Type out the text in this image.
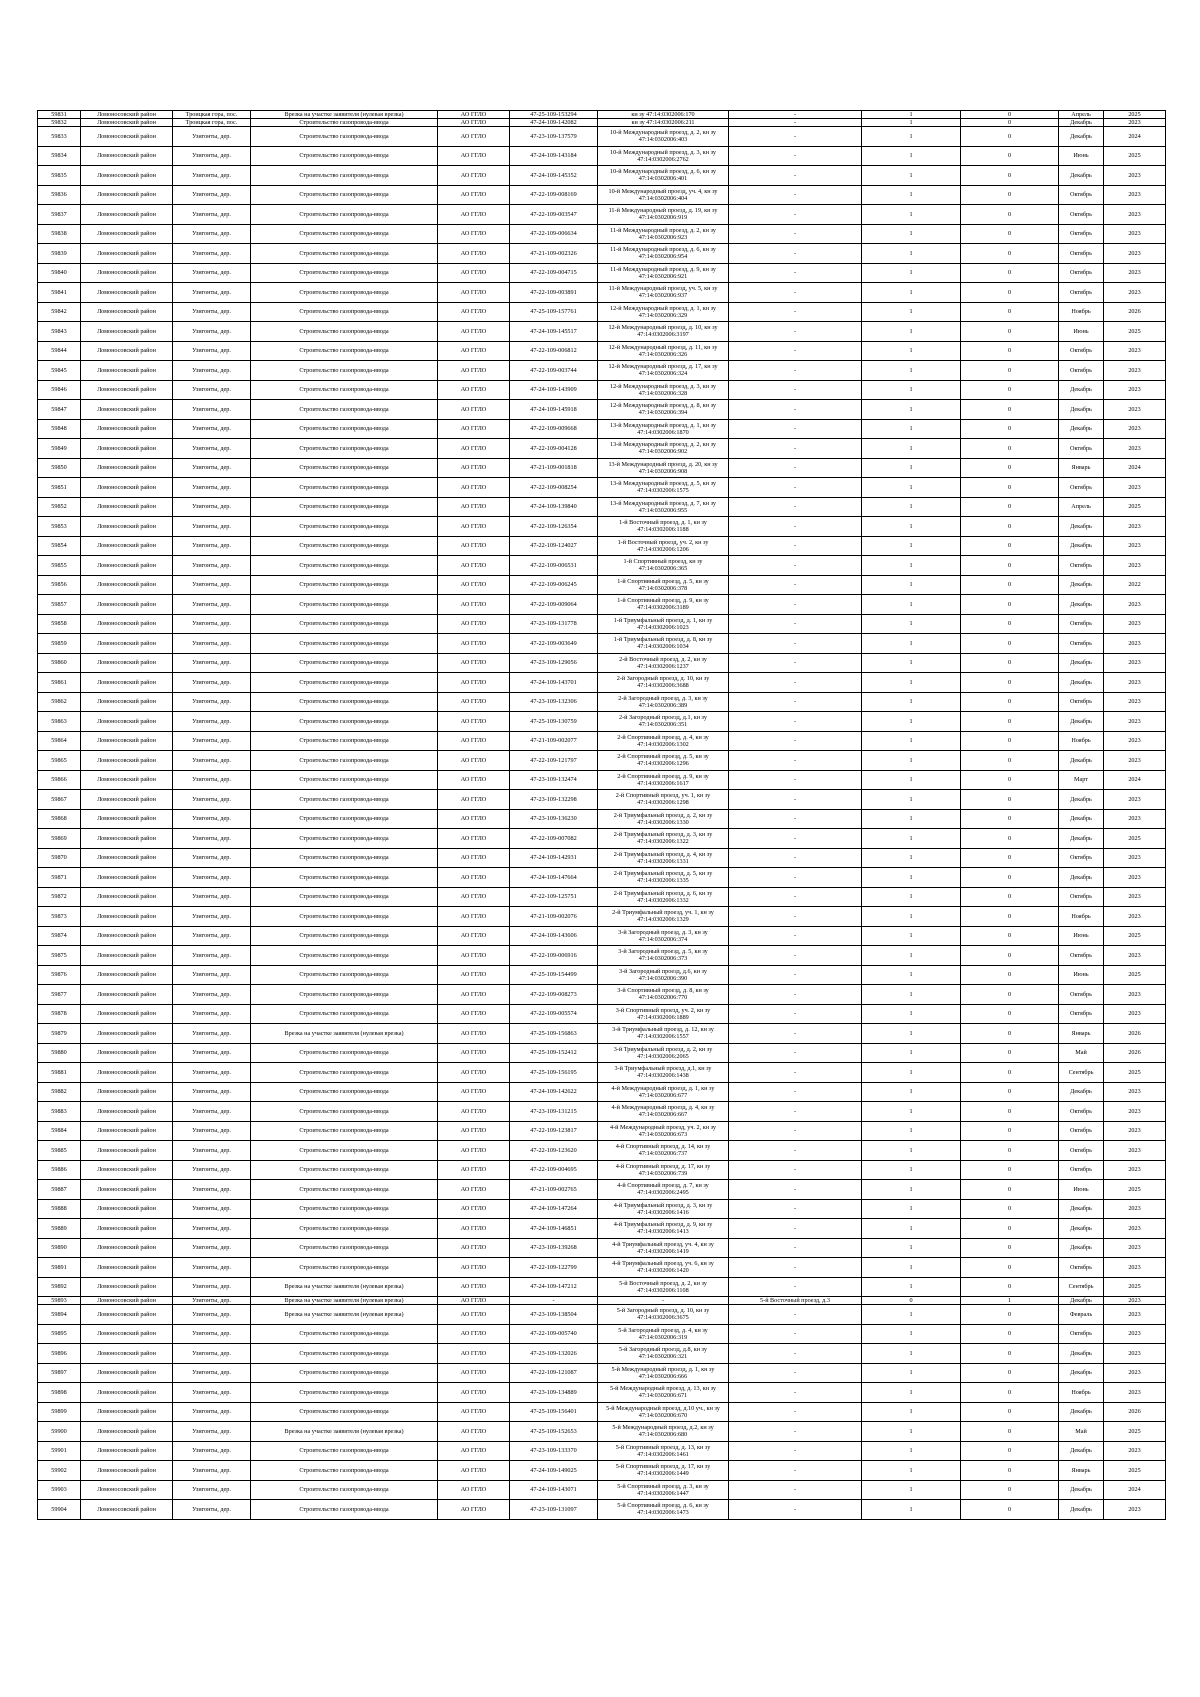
59831	Ломоносовский район	Троицкая гора, пос.	Врезка на участке заявителя (нулевая врезка)	АО ГГЛО	47-25-109-153294	кн зу 47:14:0302006:170	-	1	0	Апрель	2025
59832	Ломоносовский район	Троицкая гора, пос.	Строительство газопровода-ввода	АО ГГЛО	47-24-109-142082	кн зу 47:14:0302006:211	-	1	0	Декабрь	2023
59833	Ломоносовский район	Узигонты, дер.	Строительство газопровода-ввода	АО ГГЛО	47-23-109-137579	10-й Международный проезд, д. 2, кн зу 47:14:0302006:403	-	1	0	Декабрь	2024
59834	Ломоносовский район	Узигонты, дер.	Строительство газопровода-ввода	АО ГГЛО	47-24-109-143184	10-й Международный проезд, д. 3, кн зу 47:14:0302006:2762	-	1	0	Июнь	2025
59835	Ломоносовский район	Узигонты, дер.	Строительство газопровода-ввода	АО ГГЛО	47-24-109-145352	10-й Международный проезд, д. 6, кн зу 47:14:0302006:401	-	1	0	Декабрь	2023
59836	Ломоносовский район	Узигонты, дер.	Строительство газопровода-ввода	АО ГГЛО	47-22-109-008169	10-й Международный проезд, уч. 4, кн зу 47:14:0302006:404	-	1	0	Октябрь	2023
59837	Ломоносовский район	Узигонты, дер.	Строительство газопровода-ввода	АО ГГЛО	47-22-109-003547	11-й Международный проезд, д. 19, кн зу 47:14:0302006:919	-	1	0	Октябрь	2023
59838	Ломоносовский район	Узигонты, дер.	Строительство газопровода-ввода	АО ГГЛО	47-22-109-006634	11-й Международный проезд, д. 2, кн зу 47:14:0302006:923	-	1	0	Октябрь	2023
59839	Ломоносовский район	Узигонты, дер.	Строительство газопровода-ввода	АО ГГЛО	47-21-109-002326	11-й Международный проезд, д. 6, кн зу 47:14:0302006:954	-	1	0	Октябрь	2023
59840	Ломоносовский район	Узигонты, дер.	Строительство газопровода-ввода	АО ГГЛО	47-22-109-004715	11-й Международный проезд, д. 9, кн зу 47:14:0302006:921	-	1	0	Октябрь	2023
59841	Ломоносовский район	Узигонты, дер.	Строительство газопровода-ввода	АО ГГЛО	47-22-109-003891	11-й Международный проезд, уч. 5, кн зу 47:14:0302006:937	-	1	0	Октябрь	2023
59842	Ломоносовский район	Узигонты, дер.	Строительство газопровода-ввода	АО ГГЛО	47-25-109-157761	12-й Международный проезд, д. 1, кн зу 47:14:0302006:329	-	1	0	Ноябрь	2026
59843	Ломоносовский район	Узигонты, дер.	Строительство газопровода-ввода	АО ГГЛО	47-24-109-145517	12-й Международный проезд, д. 10, кн зу 47:14:0302006:3197	-	1	0	Июнь	2025
59844	Ломоносовский район	Узигонты, дер.	Строительство газопровода-ввода	АО ГГЛО	47-22-109-006812	12-й Международный проезд, д. 11, кн зу 47:14:0302006:326	-	1	0	Октябрь	2023
59845	Ломоносовский район	Узигонты, дер.	Строительство газопровода-ввода	АО ГГЛО	47-22-109-003744	12-й Международный проезд, д. 17, кн зу 47:14:0302006:324	-	1	0	Октябрь	2023
59846	Ломоносовский район	Узигонты, дер.	Строительство газопровода-ввода	АО ГГЛО	47-24-109-143909	12-й Международный проезд, д. 3, кн зу 47:14:0302006:328	-	1	0	Декабрь	2023
59847	Ломоносовский район	Узигонты, дер.	Строительство газопровода-ввода	АО ГГЛО	47-24-109-145918	12-й Международный проезд, д. 8, кн зу 47:14:0302006:394	-	1	0	Декабрь	2023
59848	Ломоносовский район	Узигонты, дер.	Строительство газопровода-ввода	АО ГГЛО	47-22-109-009668	13-й Международный проезд, д. 1, кн зу 47:14:0302006:1870	-	1	0	Декабрь	2023
59849	Ломоносовский район	Узигонты, дер.	Строительство газопровода-ввода	АО ГГЛО	47-22-109-004128	13-й Международный проезд, д. 2, кн зу 47:14:0302006:902	-	1	0	Октябрь	2023
59850	Ломоносовский район	Узигонты, дер.	Строительство газопровода-ввода	АО ГГЛО	47-21-109-001818	13-й Международный проезд, д. 20, кн зу 47:14:0302006:908	-	1	0	Январь	2024
59851	Ломоносовский район	Узигонты, дер.	Строительство газопровода-ввода	АО ГГЛО	47-22-109-008254	13-й Международный проезд, д. 5, кн зу 47:14:0302006:1575	-	1	0	Октябрь	2023
59852	Ломоносовский район	Узигонты, дер.	Строительство газопровода-ввода	АО ГГЛО	47-24-109-139840	13-й Международный проезд, д. 7, кн зу 47:14:0302006:955	-	1	0	Апрель	2025
59853	Ломоносовский район	Узигонты, дер.	Строительство газопровода-ввода	АО ГГЛО	47-22-109-126354	1-й Восточный проезд, д. 1, кн зу 47:14:0302006:1188	-	1	0	Декабрь	2023
59854	Ломоносовский район	Узигонты, дер.	Строительство газопровода-ввода	АО ГГЛО	47-22-109-124027	1-й Восточный проезд, уч. 2, кн зу 47:14:0302006:1206	-	1	0	Декабрь	2023
59855	Ломоносовский район	Узигонты, дер.	Строительство газопровода-ввода	АО ГГЛО	47-22-109-006531	1-й Спортивный проезд, кн зу 47:14:0302006:365	-	1	0	Октябрь	2023
59856	Ломоносовский район	Узигонты, дер.	Строительство газопровода-ввода	АО ГГЛО	47-22-109-006245	1-й Спортивный проезд, д. 5, кн зу 47:14:0302006:378	-	1	0	Декабрь	2022
59857	Ломоносовский район	Узигонты, дер.	Строительство газопровода-ввода	АО ГГЛО	47-22-109-009064	1-й Спортивный проезд, д. 9, кн зу 47:14:0302006:3189	-	1	0	Декабрь	2023
59858	Ломоносовский район	Узигонты, дер.	Строительство газопровода-ввода	АО ГГЛО	47-23-109-131778	1-й Триумфальный проезд, д. 1, кн зу 47:14:0302006:1023	-	1	0	Октябрь	2023
59859	Ломоносовский район	Узигонты, дер.	Строительство газопровода-ввода	АО ГГЛО	47-22-109-003649	1-й Триумфальный проезд, д. 8, кн зу 47:14:0302006:1034	-	1	0	Октябрь	2023
59860	Ломоносовский район	Узигонты, дер.	Строительство газопровода-ввода	АО ГГЛО	47-23-109-129056	2-й Восточный проезд, д. 2, кн зу 47:14:0302006:1237	-	1	0	Декабрь	2023
59861	Ломоносовский район	Узигонты, дер.	Строительство газопровода-ввода	АО ГГЛО	47-24-109-143701	2-й Загородный проезд, д. 10, кн зу 47:14:0302006:3688	-	1	0	Декабрь	2023
59862	Ломоносовский район	Узигонты, дер.	Строительство газопровода-ввода	АО ГГЛО	47-23-109-132306	2-й Загородный проезд, д. 3, кн зу 47:14:0302006:389	-	1	0	Октябрь	2023
59863	Ломоносовский район	Узигонты, дер.	Строительство газопровода-ввода	АО ГГЛО	47-25-109-130759	2-й Загородный проезд, д.1, кн зу 47:14:0302006:351	-	1	0	Декабрь	2023
59864	Ломоносовский район	Узигонты, дер.	Строительство газопровода-ввода	АО ГГЛО	47-21-109-002077	2-й Спортивный проезд, д. 4, кн зу 47:14:0302006:1302	-	1	0	Ноябрь	2023
59865	Ломоносовский район	Узигонты, дер.	Строительство газопровода-ввода	АО ГГЛО	47-22-109-121797	2-й Спортивный проезд, д. 5, кн зу 47:14:0302006:1296	-	1	0	Декабрь	2023
59866	Ломоносовский район	Узигонты, дер.	Строительство газопровода-ввода	АО ГГЛО	47-23-109-132474	2-й Спортивный проезд, д. 9, кн зу 47:14:0302006:1617	-	1	0	Март	2024
59867	Ломоносовский район	Узигонты, дер.	Строительство газопровода-ввода	АО ГГЛО	47-23-109-132298	2-й Спортивный проезд, уч. 1, кн зу 47:14:0302006:1298	-	1	0	Декабрь	2023
59868	Ломоносовский район	Узигонты, дер.	Строительство газопровода-ввода	АО ГГЛО	47-23-109-136230	2-й Триумфальный проезд, д. 2, кн зу 47:14:0302006:1330	-	1	0	Декабрь	2023
59869	Ломоносовский район	Узигонты, дер.	Строительство газопровода-ввода	АО ГГЛО	47-22-109-007082	2-й Триумфальный проезд, д. 3, кн зу 47:14:0302006:1322	-	1	0	Декабрь	2025
59870	Ломоносовский район	Узигонты, дер.	Строительство газопровода-ввода	АО ГГЛО	47-24-109-142931	2-й Триумфальный проезд, д. 4, кн зу 47:14:0302006:1331	-	1	0	Октябрь	2023
59871	Ломоносовский район	Узигонты, дер.	Строительство газопровода-ввода	АО ГГЛО	47-24-109-147664	2-й Триумфальный проезд, д. 5, кн зу 47:14:0302006:1335	-	1	0	Декабрь	2023
59872	Ломоносовский район	Узигонты, дер.	Строительство газопровода-ввода	АО ГГЛО	47-22-109-125751	2-й Триумфальный проезд, д. 6, кн зу 47:14:0302006:1332	-	1	0	Октябрь	2023
59873	Ломоносовский район	Узигонты, дер.	Строительство газопровода-ввода	АО ГГЛО	47-21-109-002076	2-й Триумфальный проезд, уч. 1, кн зу 47:14:0302006:1329	-	1	0	Ноябрь	2023
59874	Ломоносовский район	Узигонты, дер.	Строительство газопровода-ввода	АО ГГЛО	47-24-109-143606	3-й Загородный проезд, д. 3, кн зу 47:14:0302006:374	-	1	0	Июнь	2025
59875	Ломоносовский район	Узигонты, дер.	Строительство газопровода-ввода	АО ГГЛО	47-22-109-006916	3-й Загородный проезд, д. 5, кн зу 47:14:0302006:373	-	1	0	Октябрь	2023
59876	Ломоносовский район	Узигонты, дер.	Строительство газопровода-ввода	АО ГГЛО	47-25-109-154499	3-й Загородный проезд, д.6, кн зу 47:14:0302006:390	-	1	0	Июнь	2025
59877	Ломоносовский район	Узигонты, дер.	Строительство газопровода-ввода	АО ГГЛО	47-22-109-008273	3-й Спортивный проезд, д. 8, кн зу 47:14:0302006:770	-	1	0	Октябрь	2023
59878	Ломоносовский район	Узигонты, дер.	Строительство газопровода-ввода	АО ГГЛО	47-22-109-005574	3-й Спортивный проезд, уч. 2, кн зу 47:14:0302006:1889	-	1	0	Октябрь	2023
59879	Ломоносовский район	Узигонты, дер.	Врезка на участке заявителя (нулевая врезка)	АО ГГЛО	47-25-109-156863	3-й Триумфальный проезд, д. 12, кн зу 47:14:0302006:1557	-	1	0	Январь	2026
59880	Ломоносовский район	Узигонты, дер.	Строительство газопровода-ввода	АО ГГЛО	47-25-109-152412	3-й Триумфальный проезд, д. 2, кн зу 47:14:0302006:2065	-	1	0	Май	2026
59881	Ломоносовский район	Узигонты, дер.	Строительство газопровода-ввода	АО ГГЛО	47-25-109-156195	3-й Триумфальный проезд, д.1, кн зу 47:14:0302006:1438	-	1	0	Сентябрь	2025
59882	Ломоносовский район	Узигонты, дер.	Строительство газопровода-ввода	АО ГГЛО	47-24-109-142622	4-й Международный проезд, д. 1, кн зу 47:14:0302006:677	-	1	0	Декабрь	2023
59883	Ломоносовский район	Узигонты, дер.	Строительство газопровода-ввода	АО ГГЛО	47-23-109-131215	4-й Международный проезд, д. 4, кн зу 47:14:0302006:667	-	1	0	Октябрь	2023
59884	Ломоносовский район	Узигонты, дер.	Строительство газопровода-ввода	АО ГГЛО	47-22-109-123817	4-й Международный проезд, уч. 2, кн зу 47:14:0302006:673	-	1	0	Октябрь	2023
59885	Ломоносовский район	Узигонты, дер.	Строительство газопровода-ввода	АО ГГЛО	47-22-109-123620	4-й Спортивный проезд, д. 14, кн зу 47:14:0302006:737	-	1	0	Октябрь	2023
59886	Ломоносовский район	Узигонты, дер.	Строительство газопровода-ввода	АО ГГЛО	47-22-109-004695	4-й Спортивный проезд, д. 17, кн зу 47:14:0302006:739	-	1	0	Октябрь	2023
59887	Ломоносовский район	Узигонты, дер.	Строительство газопровода-ввода	АО ГГЛО	47-21-109-002765	4-й Спортивный проезд, д. 7, кн зу 47:14:0302006:2495	-	1	0	Июнь	2025
59888	Ломоносовский район	Узигонты, дер.	Строительство газопровода-ввода	АО ГГЛО	47-24-109-147264	4-й Триумфальный проезд, д. 3, кн зу 47:14:0302006:1416	-	1	0	Декабрь	2023
59889	Ломоносовский район	Узигонты, дер.	Строительство газопровода-ввода	АО ГГЛО	47-24-109-146851	4-й Триумфальный проезд, д. 9, кн зу 47:14:0302006:1413	-	1	0	Декабрь	2023
59890	Ломоносовский район	Узигонты, дер.	Строительство газопровода-ввода	АО ГГЛО	47-23-109-139268	4-й Триумфальный проезд, уч. 4, кн зу 47:14:0302006:1419	-	1	0	Декабрь	2023
59891	Ломоносовский район	Узигонты, дер.	Строительство газопровода-ввода	АО ГГЛО	47-22-109-122799	4-й Триумфальный проезд, уч. 6, кн зу 47:14:0302006:1420	-	1	0	Октябрь	2023
59892	Ломоносовский район	Узигонты, дер.	Врезка на участке заявителя (нулевая врезка)	АО ГГЛО	47-24-109-147212	5-й Восточный проезд, д. 2, кн зу 47:14:0302006:1108	-	1	0	Сентябрь	2025
59893	Ломоносовский район	Узигонты, дер.	Врезка на участке заявителя (нулевая врезка)	АО ГГЛО	-	-	5-й Восточный проезд, д.3	0	1	Декабрь	2023
59894	Ломоносовский район	Узигонты, дер.	Врезка на участке заявителя (нулевая врезка)	АО ГГЛО	47-23-109-138504	5-й Загородный проезд, д. 10, кн зу 47:14:0302006:3675	-	1	0	Февраль	2023
59895	Ломоносовский район	Узигонты, дер.	Строительство газопровода-ввода	АО ГГЛО	47-22-109-005740	5-й Загородный проезд, д. 4, кн зу 47:14:0302006:319	-	1	0	Октябрь	2023
59896	Ломоносовский район	Узигонты, дер.	Строительство газопровода-ввода	АО ГГЛО	47-23-109-132026	5-й Загородный проезд, д.8, кн зу 47:14:0302006:321	-	1	0	Декабрь	2023
59897	Ломоносовский район	Узигонты, дер.	Строительство газопровода-ввода	АО ГГЛО	47-22-109-121087	5-й Международный проезд, д. 1, кн зу 47:14:0302006:666	-	1	0	Декабрь	2023
59898	Ломоносовский район	Узигонты, дер.	Строительство газопровода-ввода	АО ГГЛО	47-23-109-134889	5-й Международный проезд, д. 13, кн зу 47:14:0302006:671	-	1	0	Ноябрь	2023
59899	Ломоносовский район	Узигонты, дер.	Строительство газопровода-ввода	АО ГГЛО	47-25-109-156401	5-й Международный проезд, д.10 уч., кн зу 47:14:0302006:670	-	1	0	Декабрь	2026
59900	Ломоносовский район	Узигонты, дер.	Врезка на участке заявителя (нулевая врезка)	АО ГГЛО	47-25-109-152653	5-й Международный проезд, д.2, кн зу 47:14:0302006:680	-	1	0	Май	2025
59901	Ломоносовский район	Узигонты, дер.	Строительство газопровода-ввода	АО ГГЛО	47-23-109-133370	5-й Спортивный проезд, д. 13, кн зу 47:14:0302006:1461	-	1	0	Декабрь	2023
59902	Ломоносовский район	Узигонты, дер.	Строительство газопровода-ввода	АО ГГЛО	47-24-109-149025	5-й Спортивный проезд, д. 17, кн зу 47:14:0302006:1449	-	1	0	Январь	2025
59903	Ломоносовский район	Узигонты, дер.	Строительство газопровода-ввода	АО ГГЛО	47-24-109-143071	5-й Спортивный проезд, д. 3, кн зу 47:14:0302006:1447	-	1	0	Декабрь	2024
59904	Ломоносовский район	Узигонты, дер.	Строительство газопровода-ввода	АО ГГЛО	47-23-109-131097	5-й Спортивный проезд, д. 6, кн зу 47:14:0302006:1473	-	1	0	Декабрь	2023
